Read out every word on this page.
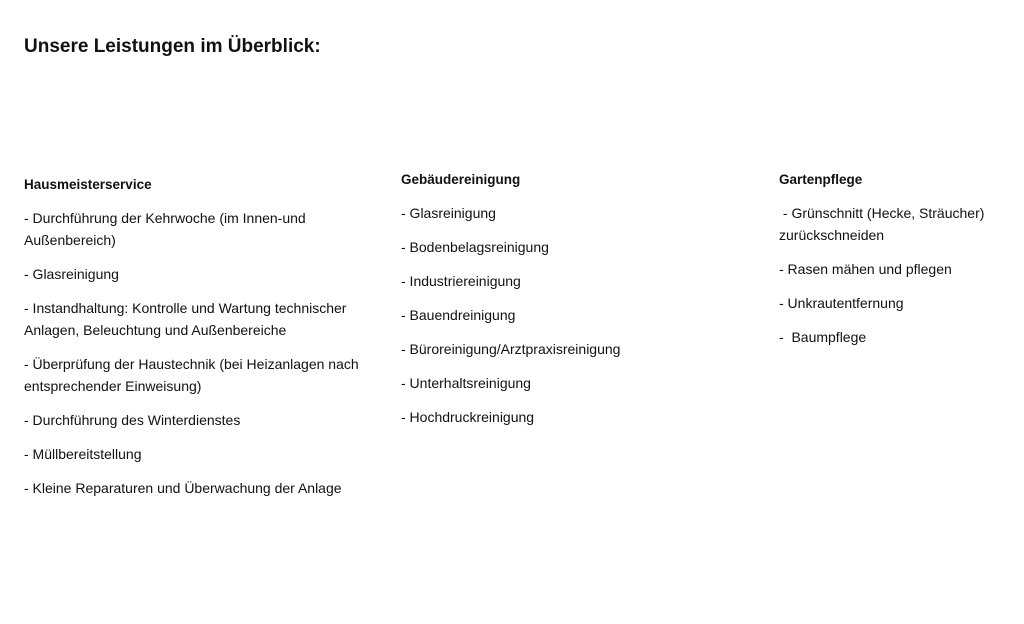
Unsere Leistungen im Überblick:
Hausmeisterservice
- Durchführung der Kehrwoche (im Innen-und Außenbereich)
- Glasreinigung
- Instandhaltung: Kontrolle und Wartung technischer Anlagen, Beleuchtung und Außenbereiche
- Überprüfung der Haustechnik (bei Heizanlagen nach entsprechender Einweisung)
- Durchführung des Winterdienstes
- Müllbereitstellung
- Kleine Reparaturen und Überwachung der Anlage
Gebäudereinigung
- Glasreinigung
- Bodenbelagsreinigung
- Industriereinigung
- Bauendreinigung
- Büroreinigung/Arztpraxisreinigung
- Unterhaltsreinigung
- Hochdruckreinigung
Gartenpflege
- Grünschnitt (Hecke, Sträucher) zurückschneiden
- Rasen mähen und pflegen
- Unkrautentfernung
-  Baumpflege
